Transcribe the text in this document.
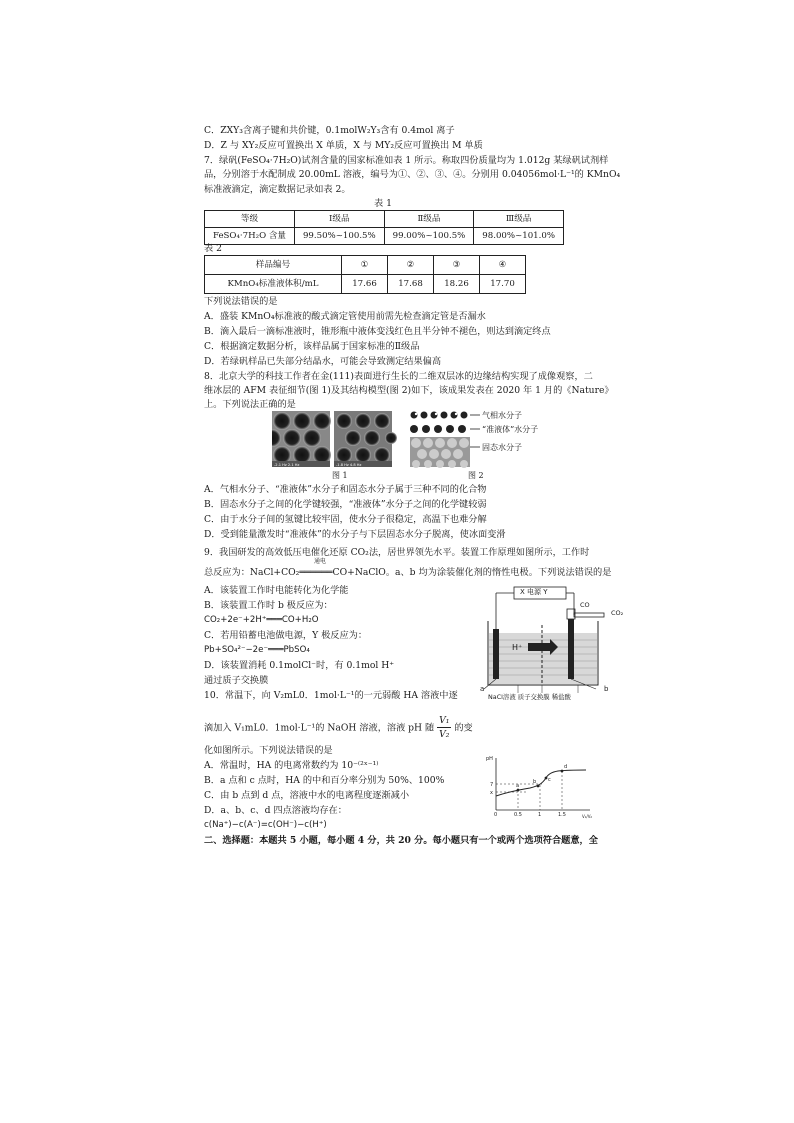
C．ZXY₃含离子键和共价键，0.1molW₂Y₃含有 0.4mol 离子
D．Z 与 XY₂反应可置换出 X 单质，X 与 MY₂反应可置换出 M 单质
7．绿矾(FeSO₄·7H₂O)试剂含量的国家标准如表 1 所示。称取四份质量均为 1.012g 某绿矾试剂样
品，分别溶于水配制成 20.00mL 溶液，编号为①、②、③、④。分别用 0.04056mol·L⁻¹的 KMnO₄
标准液滴定，滴定数据记录如表 2。
表 1
等级	Ⅰ级品	Ⅱ级品	Ⅲ级品
FeSO₄·7H₂O 含量	99.50%~100.5%	99.00%~100.5%	98.00%~101.0%
表 2
样品编号	①	②	③	④
KMnO₄标准液体积/mL	17.66	17.68	18.26	17.70
下列说法错误的是
A．盛装 KMnO₄标准液的酸式滴定管使用前需先检查滴定管是否漏水
B．滴入最后一滴标准液时，锥形瓶中液体变浅红色且半分钟不褪色，则达到滴定终点
C．根据滴定数据分析，该样品属于国家标准的Ⅱ级品
D．若绿矾样品已失部分结晶水，可能会导致测定结果偏高
8．北京大学的科技工作者在金(111)表面进行生长的二维双层冰的边缘结构实现了成像观察，二
维冰层的 AFM 表征细节(图 1)及其结构模型(图 2)如下，该成果发表在 2020 年 1 月的《Nature》
上。下列说法正确的是
-2.1 Hz 2.1 Hz	-1.8 Hz 4.8 Hz
气相水分子
“准液体”水分子
固态水分子
图 1	图 2
A．气相水分子、“准液体”水分子和固态水分子属于三种不同的化合物
B．固态水分子之间的化学键较强，“准液体”水分子之间的化学键较弱
C．由于水分子间的氢键比较牢固，使水分子很稳定，高温下也难分解
D．受到能量激发时“准液体”的水分子与下层固态水分子脱离，使冰面变滑
9．我国研发的高效低压电催化还原 CO₂法，居世界领先水平。装置工作原理如图所示，工作时
通电
总反应为：NaCl+CO₂══════CO+NaClO。a、b 均为涂装催化剂的惰性电极。下列说法错误的是
A．该装置工作时电能转化为化学能
B．该装置工作时 b 极反应为：
CO₂+2e⁻+2H⁺═══CO+H₂O
C．若用铅蓄电池做电源，Y 极反应为：
Pb+SO₄²⁻−2e⁻═══PbSO₄
D．该装置消耗 0.1molCl⁻时，有 0.1mol H⁺
通过质子交换膜
X 电源 Y
CO
CO₂
H⁺
a	b
NaCl溶液 质子交换膜 稀盐酸
10．常温下，向 V₂mL0．1mol·L⁻¹的一元弱酸 HA 溶液中逐
滴加入 V₁mL0．1mol·L⁻¹的 NaOH 溶液，溶液 pH 随 $\frac{\text{V₁}}{\text{V₂}}$ 的变
化如图所示。下列说法错误的是
A．常温时，HA 的电离常数约为 10⁻⁽²ˣ⁻¹⁾
B．a 点和 c 点时，HA 的中和百分率分别为 50%、100%
C．由 b 点到 d 点，溶液中水的电离程度逐渐减小
D．a、b、c、d 四点溶液均存在：
c(Na⁺)−c(A⁻)=c(OH⁻)−c(H⁺)
pH
7
x
0	0.5	1	1.5
a
b c
d
V₁/V₂
二、选择题：本题共 5 小题，每小题 4 分，共 20 分。每小题只有一个或两个选项符合题意，全
